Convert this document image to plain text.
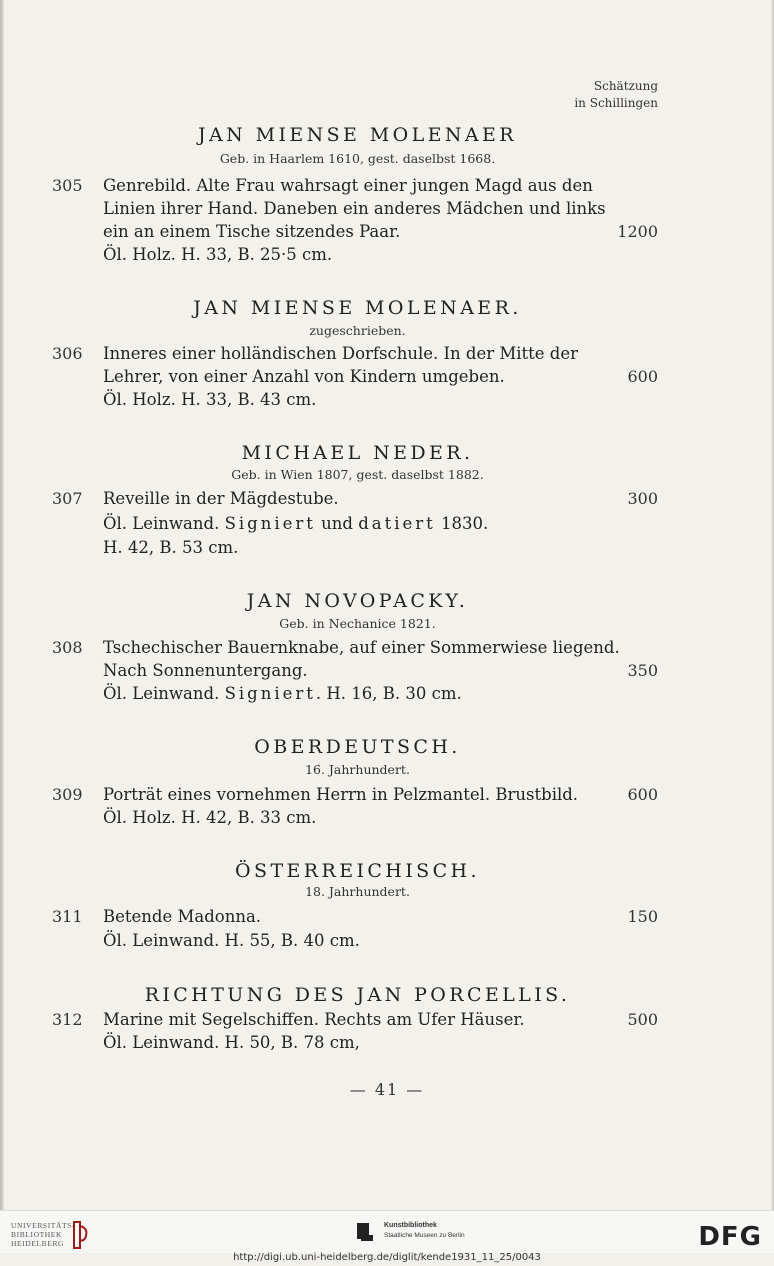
Schätzung
in Schillingen
JAN MIENSE MOLENAER
Geb. in Haarlem 1610, gest. daselbst 1668.
305 Genrebild. Alte Frau wahrsagt einer jungen Magd aus den
Linien ihrer Hand. Daneben ein anderes Mädchen und links
ein an einem Tische sitzendes Paar.	1200
Öl. Holz. H. 33, B. 25·5 cm.
JAN MIENSE MOLENAER.
zugeschrieben.
306 Inneres einer holländischen Dorfschule. In der Mitte der
Lehrer, von einer Anzahl von Kindern umgeben.	600
Öl. Holz. H. 33, B. 43 cm.
MICHAEL NEDER.
Geb. in Wien 1807, gest. daselbst 1882.
307 Reveille in der Mägdestube.	300
Öl. Leinwand. Signiert und datiert 1830.
H. 42, B. 53 cm.
JAN NOVOPACKY.
Geb. in Nechanice 1821.
308 Tschechischer Bauernknabe, auf einer Sommerwiese liegend.
Nach Sonnenuntergang.	350
Öl. Leinwand. Signiert. H. 16, B. 30 cm.
OBERDEUTSCH.
16. Jahrhundert.
309 Porträt eines vornehmen Herrn in Pelzmantel. Brustbild.	600
Öl. Holz. H. 42, B. 33 cm.
ÖSTERREICHISCH.
18. Jahrhundert.
311 Betende Madonna.	150
Öl. Leinwand. H. 55, B. 40 cm.
RICHTUNG DES JAN PORCELLIS.
312 Marine mit Segelschiffen. Rechts am Ufer Häuser.	500
Öl. Leinwand. H. 50, B. 78 cm,
— 41 —
UNIVERSITÄTS-
BIBLIOTHEK
HEIDELBERG
Kunstbibliothek
Staatliche Museen zu Berlin	DFG
http://digi.ub.uni-heidelberg.de/diglit/kende1931_11_25/0043
